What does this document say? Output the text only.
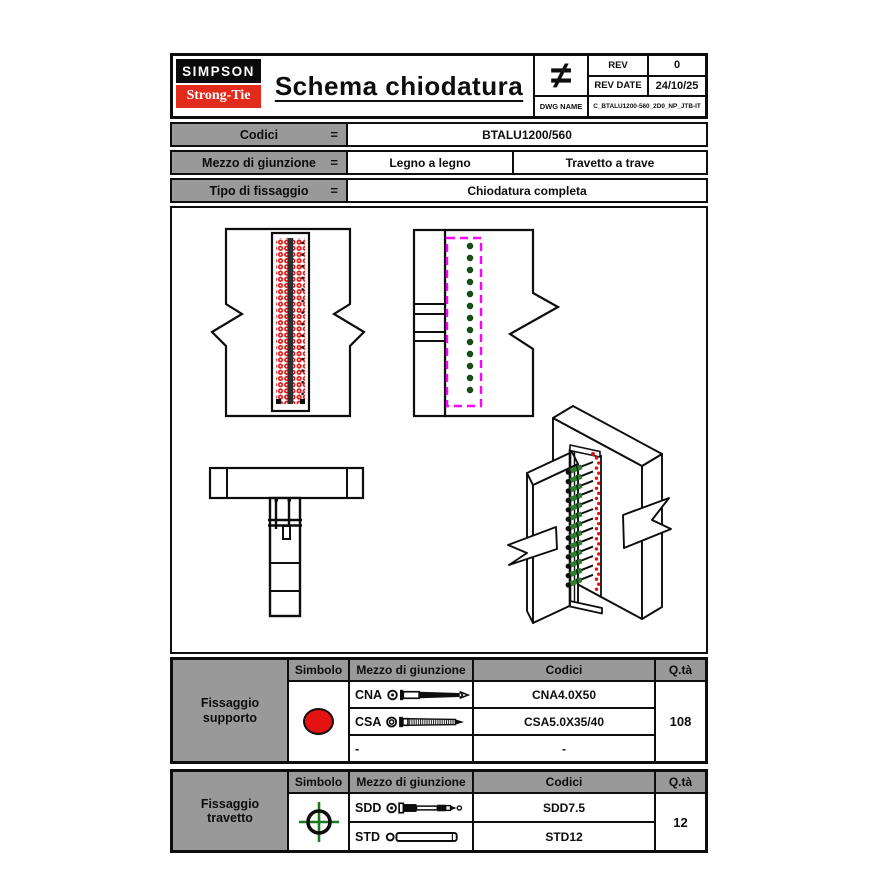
SIMPSON
Strong-Tie Schema chiodatura ≠	REV	0
REV DATE	24/10/25
DWG NAME	C_BTALU1200-560_2D0_NP_JTB-IT
Codici	=	BTALU1200/560
Mezzo di giunzione =	Legno a legno	Travetto a trave
Tipo di fissaggio =	Chiodatura completa
Fissaggio
supporto
Simbolo	Mezzo di giunzione	Codici	Q.tà
CNA	CNA4.0X50
CSA	CSA5.0X35/40
-	-
108
Fissaggio
travetto
Simbolo	Mezzo di giunzione	Codici	Q.tà
SDD	SDD7.5
STD	STD12
12
